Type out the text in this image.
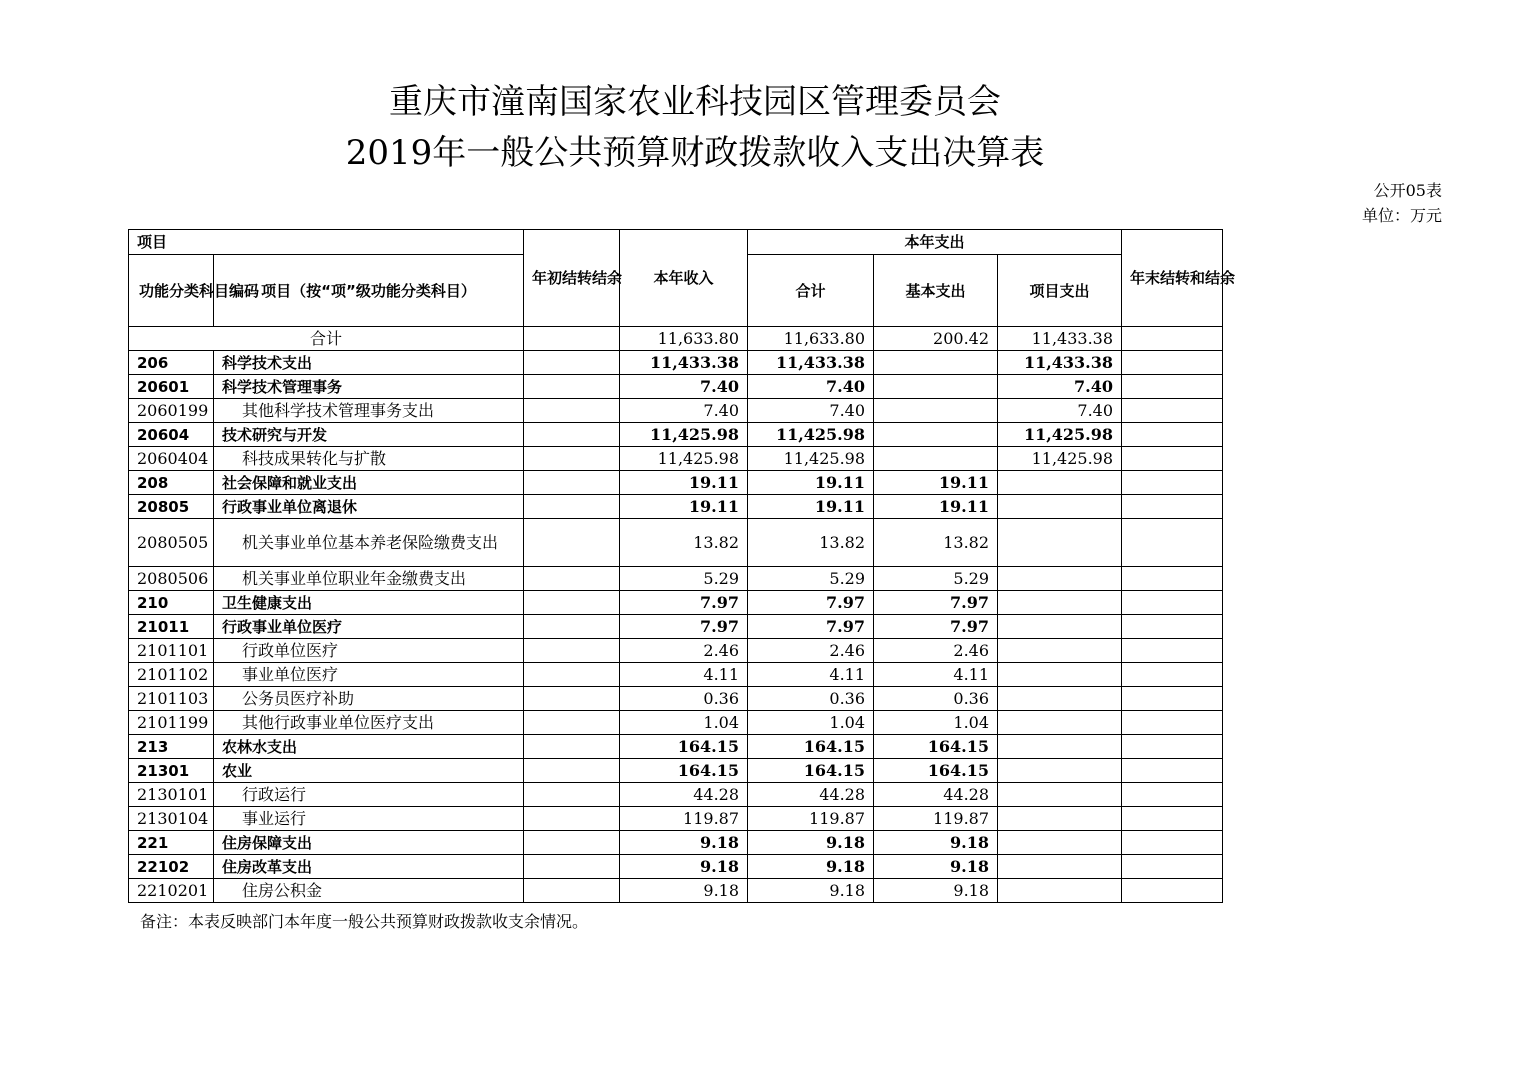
重庆市潼南国家农业科技园区管理委员会
2019年一般公共预算财政拨款收入支出决算表
公开05表
单位：万元
项目		年初结转结余	本年收入	本年支出			年末结转和结余
功能分类科目编码	项目（按“项”级功能分类科目）			合计	基本支出	项目支出	
合计			11,633.80	11,633.80	200.42	11,433.38	
206	科学技术支出		11,433.38	11,433.38		11,433.38	
20601	科学技术管理事务		7.40	7.40		7.40	
2060199	其他科学技术管理事务支出		7.40	7.40		7.40	
20604	技术研究与开发		11,425.98	11,425.98		11,425.98	
2060404	科技成果转化与扩散		11,425.98	11,425.98		11,425.98	
208	社会保障和就业支出		19.11	19.11	19.11		
20805	行政事业单位离退休		19.11	19.11	19.11		
2080505	机关事业单位基本养老保险缴费支出		13.82	13.82	13.82		
2080506	机关事业单位职业年金缴费支出		5.29	5.29	5.29		
210	卫生健康支出		7.97	7.97	7.97		
21011	行政事业单位医疗		7.97	7.97	7.97		
2101101	行政单位医疗		2.46	2.46	2.46		
2101102	事业单位医疗		4.11	4.11	4.11		
2101103	公务员医疗补助		0.36	0.36	0.36		
2101199	其他行政事业单位医疗支出		1.04	1.04	1.04		
213	农林水支出		164.15	164.15	164.15		
21301	农业		164.15	164.15	164.15		
2130101	行政运行		44.28	44.28	44.28		
2130104	事业运行		119.87	119.87	119.87		
221	住房保障支出		9.18	9.18	9.18		
22102	住房改革支出		9.18	9.18	9.18		
2210201	住房公积金		9.18	9.18	9.18		
备注：本表反映部门本年度一般公共预算财政拨款收支余情况。
